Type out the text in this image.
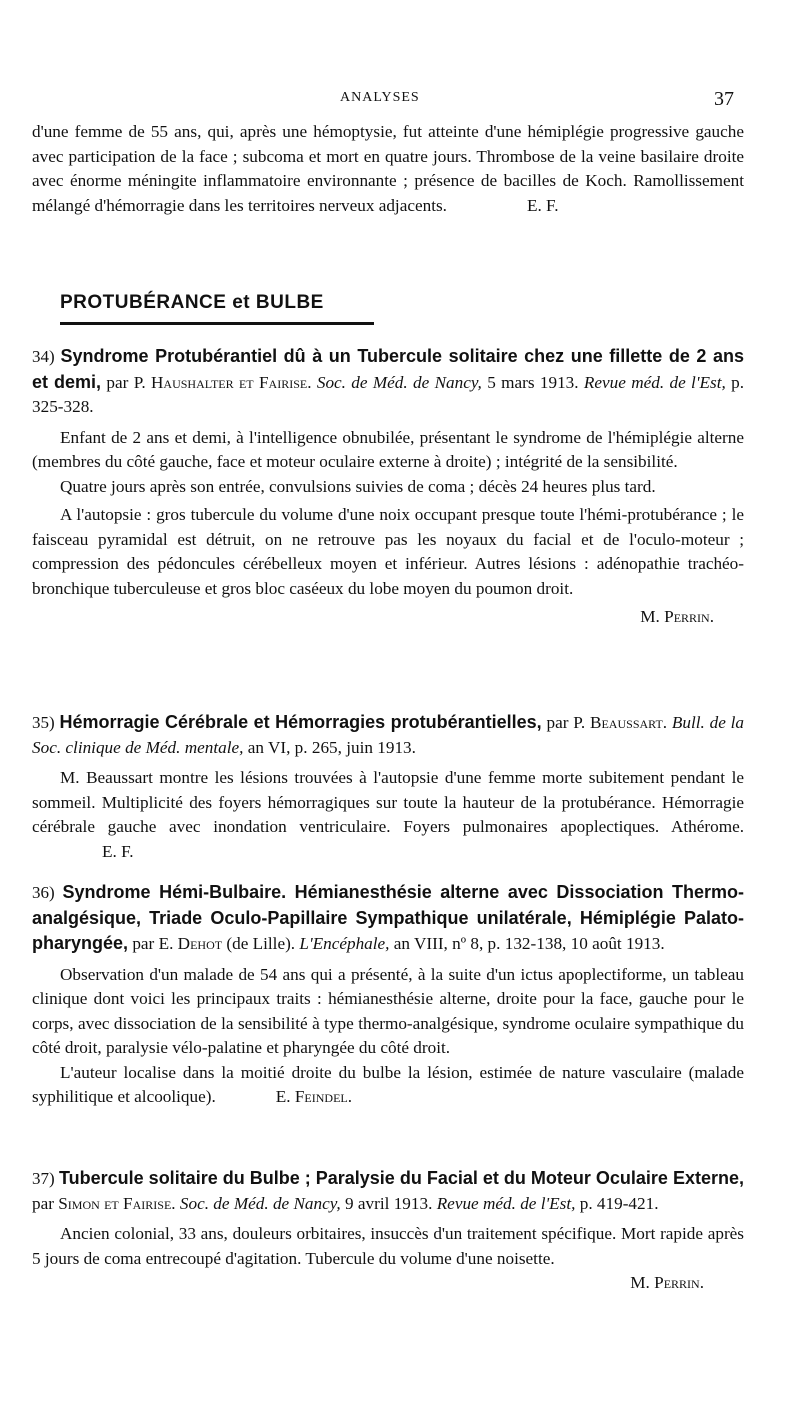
ANALYSES	37

d'une femme de 55 ans, qui, après une hémoptysie, fut atteinte d'une hémiplégie progressive gauche avec participation de la face ; subcoma et mort en quatre jours. Thrombose de la veine basilaire droite avec énorme méningite inflammatoire environnante ; présence de bacilles de Koch. Ramollissement mélangé d'hémorragie dans les territoires nerveux adjacents.	E. F.

PROTUBÉRANCE et BULBE

34) Syndrome Protubérantiel dû à un Tubercule solitaire chez une fillette de 2 ans et demi, par P. Haushalter et Fairise. Soc. de Méd. de Nancy, 5 mars 1913. Revue méd. de l'Est, p. 325-328.

Enfant de 2 ans et demi, à l'intelligence obnubilée, présentant le syndrome de l'hémiplégie alterne (membres du côté gauche, face et moteur oculaire externe à droite) ; intégrité de la sensibilité.

Quatre jours après son entrée, convulsions suivies de coma ; décès 24 heures plus tard.

A l'autopsie : gros tubercule du volume d'une noix occupant presque toute l'hémi-protubérance ; le faisceau pyramidal est détruit, on ne retrouve pas les noyaux du facial et de l'oculo-moteur ; compression des pédoncules cérébelleux moyen et inférieur. Autres lésions : adénopathie trachéo-bronchique tuberculeuse et gros bloc caséeux du lobe moyen du poumon droit.

M. Perrin.

35) Hémorragie Cérébrale et Hémorragies protubérantielles, par P. Beaussart. Bull. de la Soc. clinique de Méd. mentale, an VI, p. 265, juin 1913.

M. Beaussart montre les lésions trouvées à l'autopsie d'une femme morte subitement pendant le sommeil. Multiplicité des foyers hémorragiques sur toute la hauteur de la protubérance. Hémorragie cérébrale gauche avec inondation ventriculaire. Foyers pulmonaires apoplectiques. Athérome.E. F.

36) Syndrome Hémi-Bulbaire. Hémianesthésie alterne avec Dissociation Thermo-analgésique, Triade Oculo-Papillaire Sympathique unilatérale, Hémiplégie Palato-pharyngée, par E. Dehot (de Lille). L'Encéphale, an VIII, nº 8, p. 132-138, 10 août 1913.

Observation d'un malade de 54 ans qui a présenté, à la suite d'un ictus apoplectiforme, un tableau clinique dont voici les principaux traits : hémianesthésie alterne, droite pour la face, gauche pour le corps, avec dissociation de la sensibilité à type thermo-analgésique, syndrome oculaire sympathique du côté droit, paralysie vélo-palatine et pharyngée du côté droit.

L'auteur localise dans la moitié droite du bulbe la lésion, estimée de nature vasculaire (malade syphilitique et alcoolique).	E. Feindel.

37) Tubercule solitaire du Bulbe ; Paralysie du Facial et du Moteur Oculaire Externe, par Simon et Fairise. Soc. de Méd. de Nancy, 9 avril 1913. Revue méd. de l'Est, p. 419-421.

Ancien colonial, 33 ans, douleurs orbitaires, insuccès d'un traitement spécifique. Mort rapide après 5 jours de coma entrecoupé d'agitation. Tubercule du volume d'une noisette.

M. Perrin.
